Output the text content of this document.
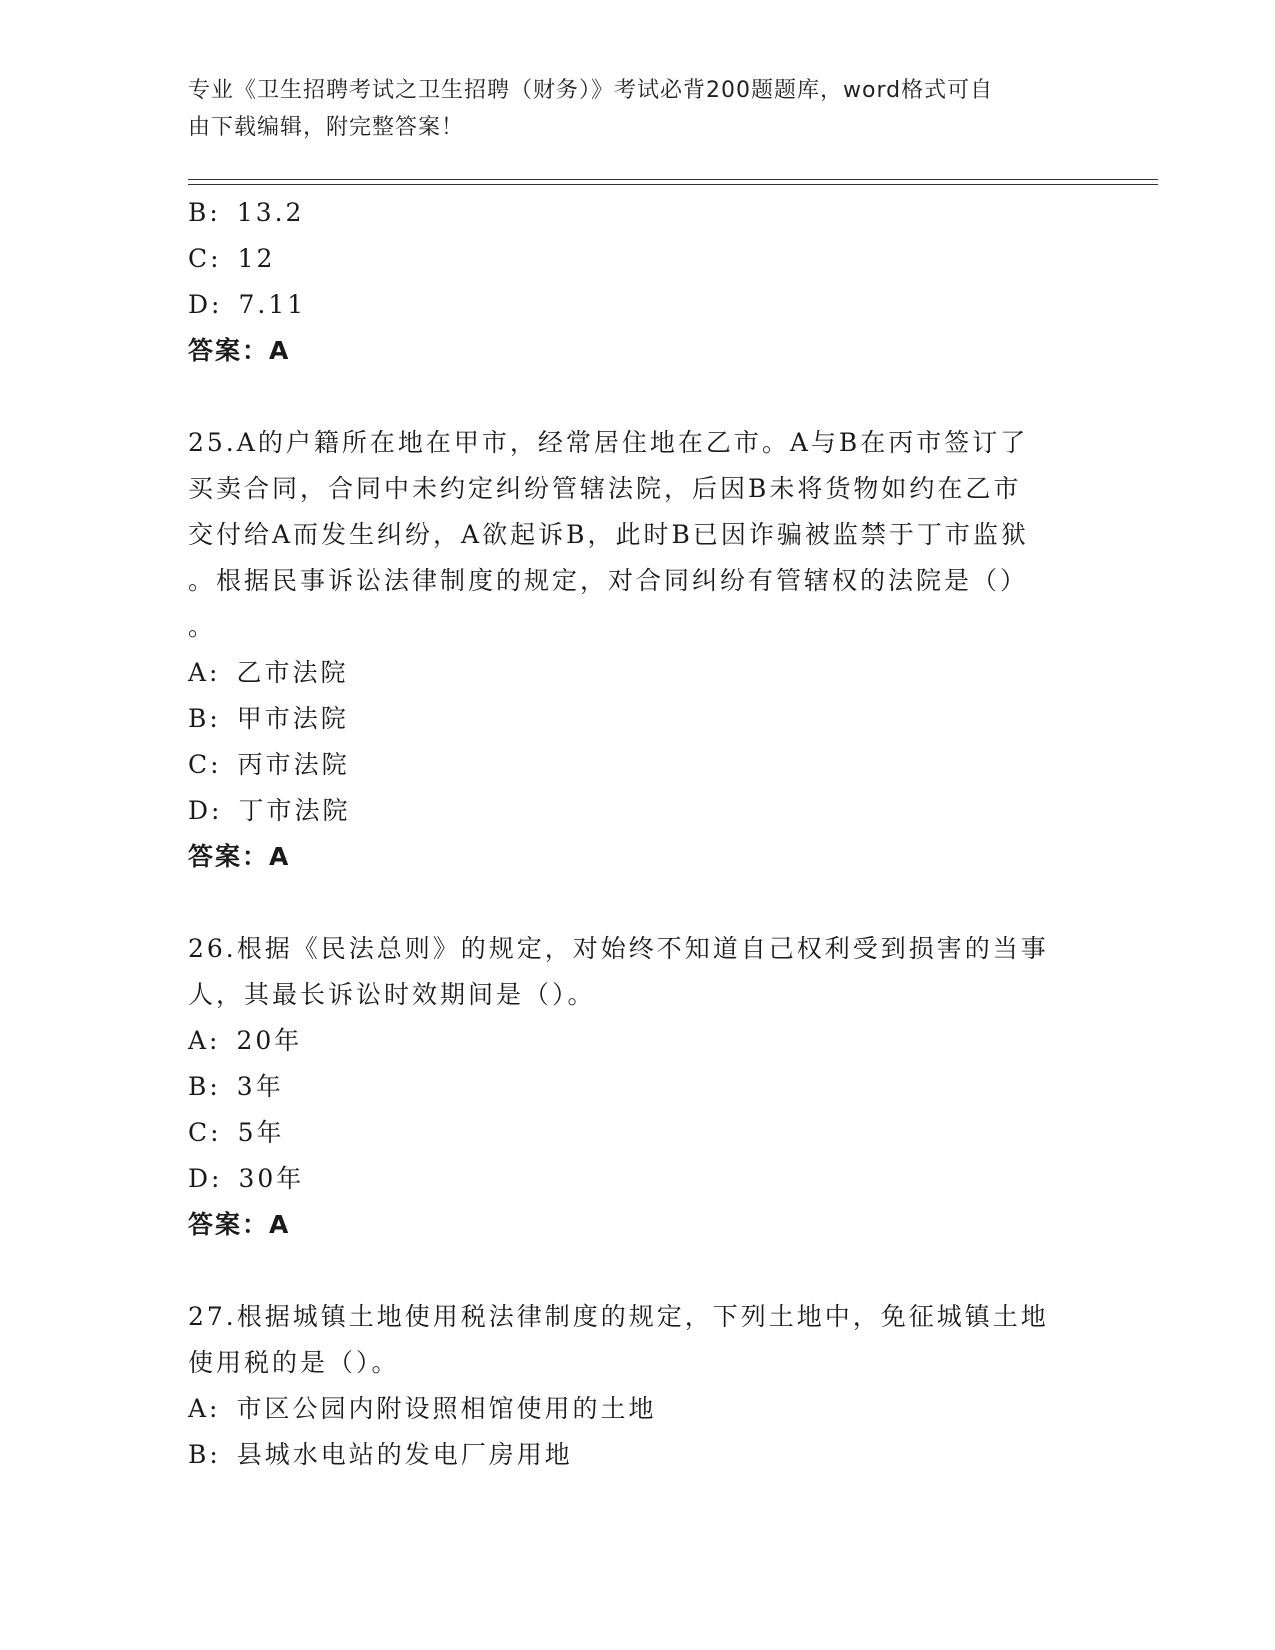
专业《卫生招聘考试之卫生招聘（财务）》考试必背200题题库，word格式可自
由下载编辑，附完整答案！
B: 13.2
C: 12
D: 7.11
答案：A
25.A的户籍所在地在甲市，经常居住地在乙市。A与B在丙市签订了
买卖合同，合同中未约定纠纷管辖法院，后因B未将货物如约在乙市
交付给A而发生纠纷，A欲起诉B，此时B已因诈骗被监禁于丁市监狱
。根据民事诉讼法律制度的规定，对合同纠纷有管辖权的法院是（）
。
A: 乙市法院
B: 甲市法院
C: 丙市法院
D: 丁市法院
答案：A
26.根据《民法总则》的规定，对始终不知道自己权利受到损害的当事
人，其最长诉讼时效期间是（）。
A: 20年
B: 3年
C: 5年
D: 30年
答案：A
27.根据城镇土地使用税法律制度的规定，下列土地中，免征城镇土地
使用税的是（）。
A: 市区公园内附设照相馆使用的土地
B: 县城水电站的发电厂房用地
